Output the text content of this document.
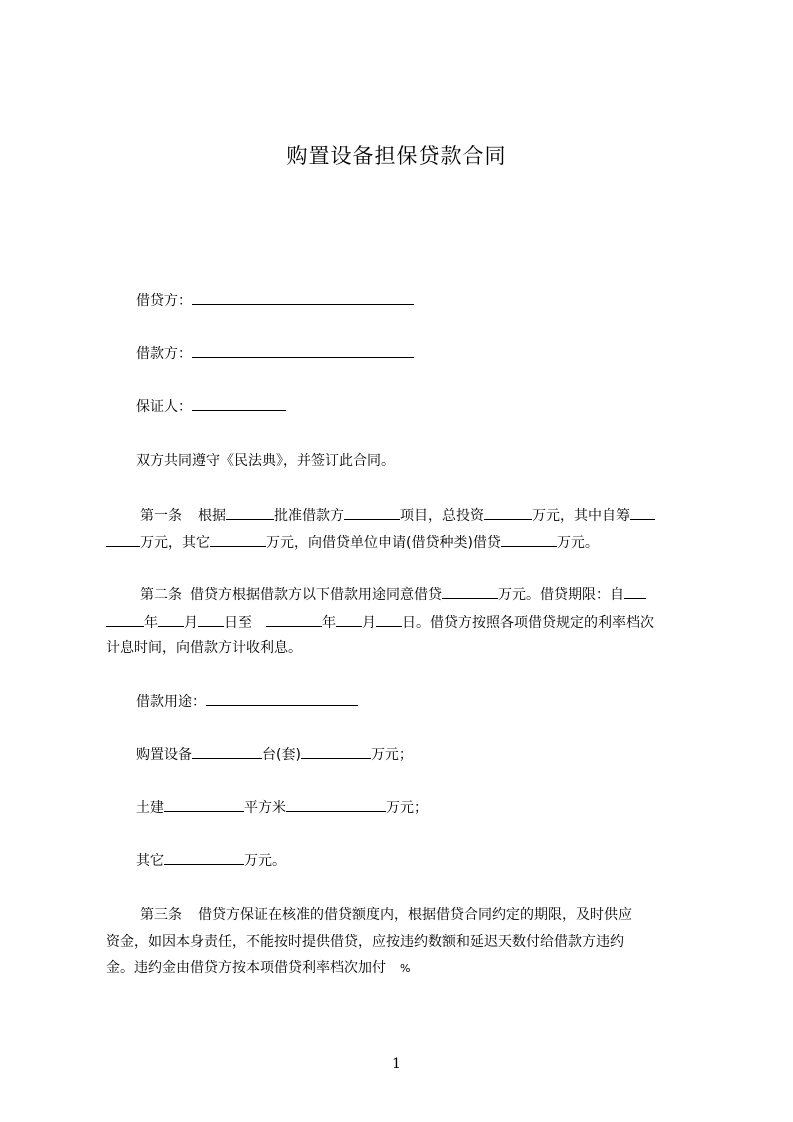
购置设备担保贷款合同
借贷方：
借款方：
保证人：
双方共同遵守《民法典》，并签订此合同。
第一条 根据	批准借款方	项目，总投资	万元，其中自筹
万元，其它	万元，向借贷单位申请(借贷种类)借贷	万元。
第二条 借贷方根据借款方以下借款用途同意借贷	万元。借贷期限：自
年 月 日至	年 月 日。借贷方按照各项借贷规定的利率档次
计息时间，向借款方计收利息。
借款用途：
购置设备	台(套)	万元；
土建	平方米	万元；
其它	万元。
第三条 借贷方保证在核准的借贷额度内，根据借贷合同约定的期限，及时供应
资金，如因本身责任，不能按时提供借贷，应按违约数额和延迟天数付给借款方违约
金。违约金由借贷方按本项借贷利率档次加付 %
1
